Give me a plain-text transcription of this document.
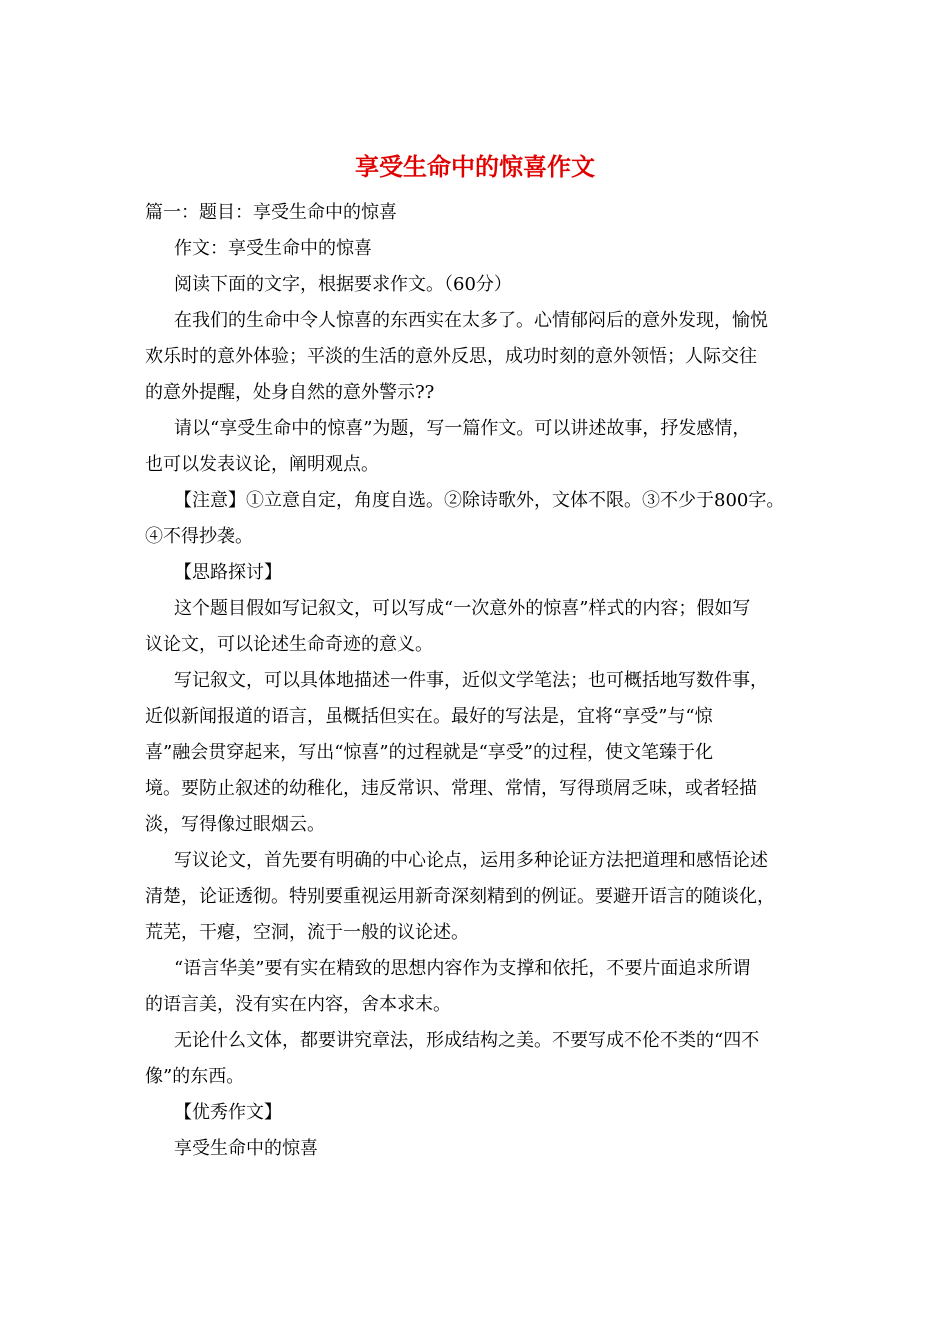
享受生命中的惊喜作文

篇一：题目：享受生命中的惊喜

作文：享受生命中的惊喜

阅读下面的文字，根据要求作文。（60分）

在我们的生命中令人惊喜的东西实在太多了。心情郁闷后的意外发现，愉悦
欢乐时的意外体验；平淡的生活的意外反思，成功时刻的意外领悟；人际交往
的意外提醒，处身自然的意外警示??

请以“享受生命中的惊喜”为题，写一篇作文。可以讲述故事，抒发感情，
也可以发表议论，阐明观点。

【注意】①立意自定，角度自选。②除诗歌外，文体不限。③不少于800字。
④不得抄袭。

【思路探讨】

这个题目假如写记叙文，可以写成“一次意外的惊喜”样式的内容；假如写
议论文，可以论述生命奇迹的意义。

写记叙文，可以具体地描述一件事，近似文学笔法；也可概括地写数件事，
近似新闻报道的语言，虽概括但实在。最好的写法是，宜将“享受”与“惊
喜”融会贯穿起来，写出“惊喜”的过程就是“享受”的过程，使文笔臻于化
境。要防止叙述的幼稚化，违反常识、常理、常情，写得琐屑乏味，或者轻描
淡，写得像过眼烟云。

写议论文，首先要有明确的中心论点，运用多种论证方法把道理和感悟论述
清楚，论证透彻。特别要重视运用新奇深刻精到的例证。要避开语言的随谈化，
荒芜，干瘪，空洞，流于一般的议论述。

“语言华美”要有实在精致的思想内容作为支撑和依托，不要片面追求所谓
的语言美，没有实在内容，舍本求末。

无论什么文体，都要讲究章法，形成结构之美。不要写成不伦不类的“四不
像”的东西。

【优秀作文】

享受生命中的惊喜
